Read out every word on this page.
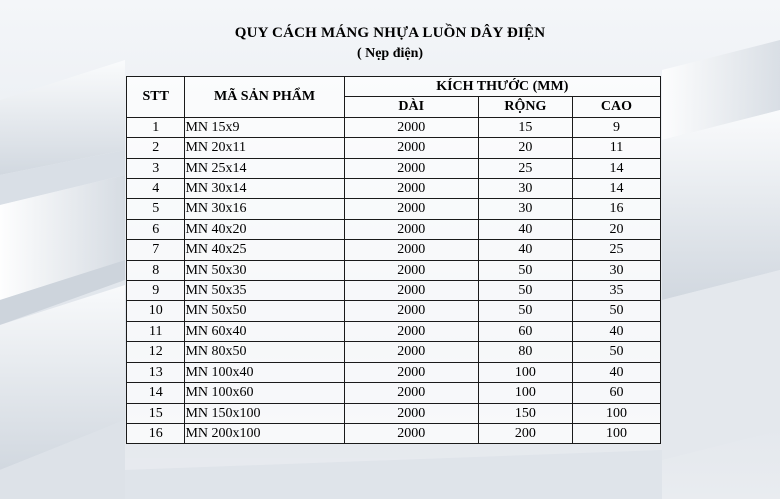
QUY CÁCH MÁNG NHỰA LUỒN DÂY ĐIỆN
( Nẹp điện)
STT	MÃ SẢN PHẨM	KÍCH THƯỚC (MM)		
		DÀI	RỘNG	CAO
1	MN 15x9	2000	15	9
2	MN 20x11	2000	20	11
3	MN 25x14	2000	25	14
4	MN 30x14	2000	30	14
5	MN 30x16	2000	30	16
6	MN 40x20	2000	40	20
7	MN 40x25	2000	40	25
8	MN 50x30	2000	50	30
9	MN 50x35	2000	50	35
10	MN 50x50	2000	50	50
11	MN 60x40	2000	60	40
12	MN 80x50	2000	80	50
13	MN 100x40	2000	100	40
14	MN 100x60	2000	100	60
15	MN 150x100	2000	150	100
16	MN 200x100	2000	200	100
